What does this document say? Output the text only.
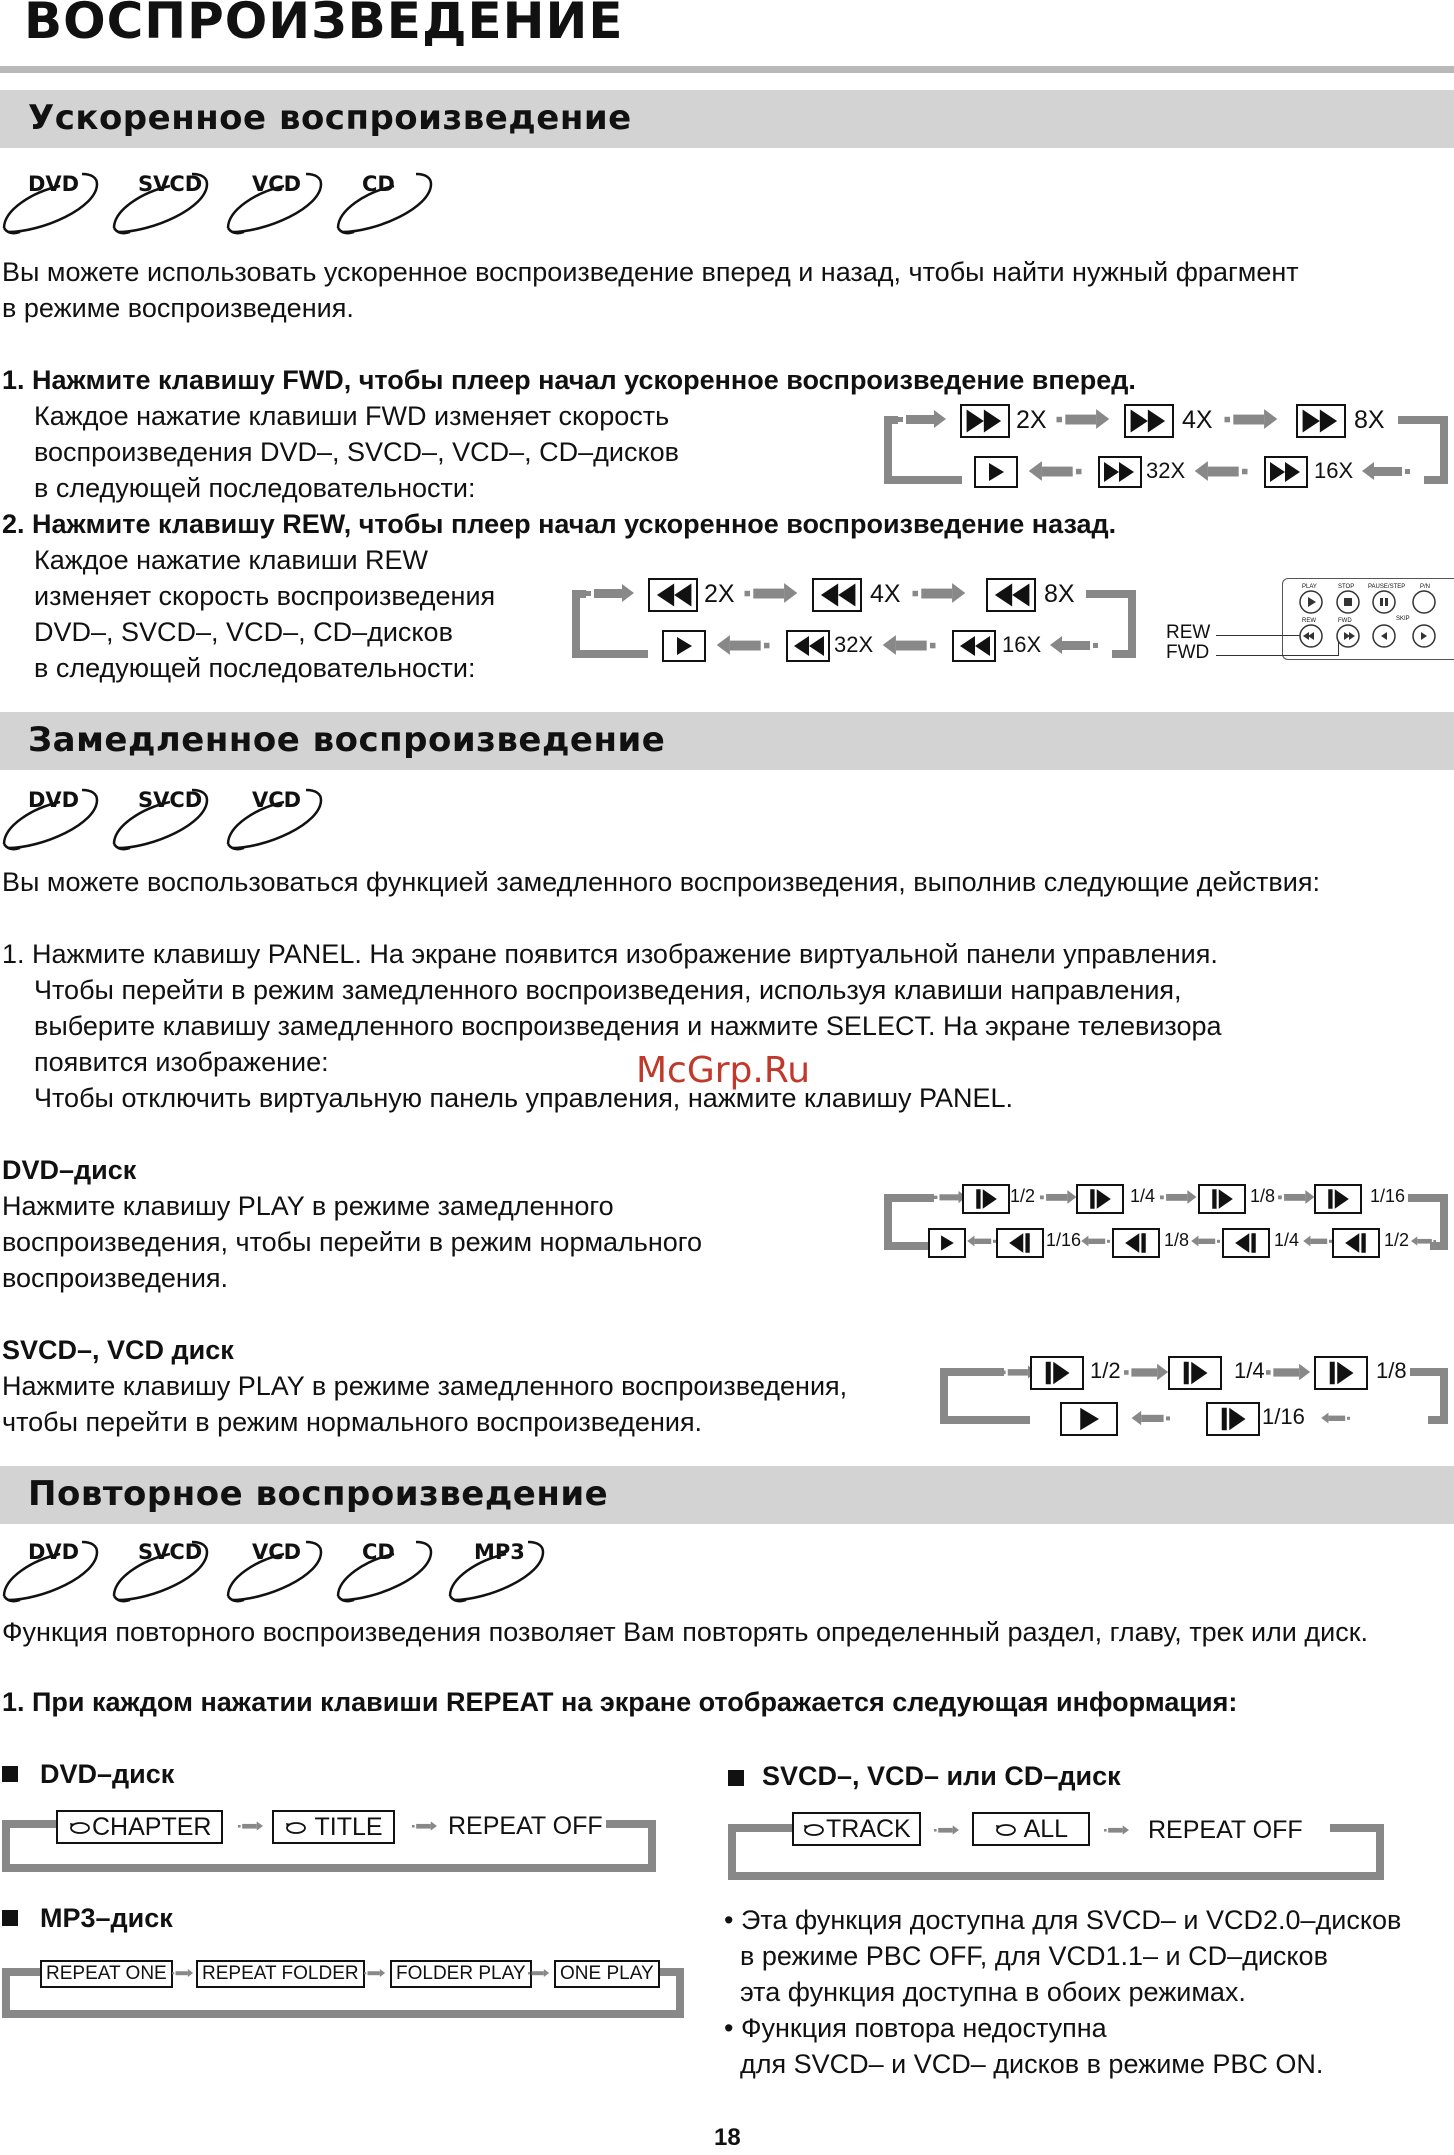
ВОСПРОИЗВЕДЕНИЕ
Ускоренное воспроизведение
DVD	SVCD VCD	CD
Вы можете использовать ускоренное воспроизведение вперед и назад, чтобы найти нужный фрагмент
в режиме воспроизведения.
1. Нажмите клавишу FWD, чтобы плеер начал ускоренное воспроизведение вперед.
Каждое нажатие клавиши FWD изменяет скорость
воспроизведения DVD–, SVCD–, VCD–, CD–дисков
в следующей последовательности:
2X	4X	8X
32X	16X
2. Нажмите клавишу REW, чтобы плеер начал ускоренное воспроизведение назад.
Каждое нажатие клавиши REW
изменяет скорость воспроизведения
DVD–, SVCD–, VCD–, CD–дисков
в следующей последовательности:
2X	4X	8X
32X	16X
PLAY	STOP PAUSE/STEP P/N
REW	FWD	SKIP
REW
FWD
Замедленное воспроизведение
DVD	SVCD VCD
Вы можете воспользоваться функцией замедленного воспроизведения, выполнив следующие действия:
1. Нажмите клавишу PANEL. На экране появится изображение виртуальной панели управления.
Чтобы перейти в режим замедленного воспроизведения, используя клавиши направления,
выберите клавишу замедленного воспроизведения и нажмите SELECT. На экране телевизора
появится изображение:
Чтобы отключить виртуальную панель управления, нажмите клавишу PANEL.
McGrp.Ru
DVD–диск
Нажмите клавишу PLAY в режиме замедленного
воспроизведения, чтобы перейти в режим нормального
воспроизведения.
1/2	1/4	1/8	1/16
1/16	1/8	1/4	1/2
SVCD–, VCD диск
Нажмите клавишу PLAY в режиме замедленного воспроизведения,
чтобы перейти в режим нормального воспроизведения.
1/2	1/4	1/8
1/16
Повторное воспроизведение
DVD	SVCD VCD	CD	MP3
Функция повторного воспроизведения позволяет Вам повторять определенный раздел, главу, трек или диск.
1. При каждом нажатии клавиши REPEAT на экране отображается следующая информация:
DVD–диск
CHAPTER	TITLE	REPEAT OFF
MP3–диск
REPEAT ONE	REPEAT FOLDER	FOLDER PLAY	ONE PLAY
SVCD–, VCD– или CD–диск
TRACK	ALL	REPEAT OFF
• Эта функция доступна для SVCD– и VCD2.0–дисков
в режиме PBC OFF, для VCD1.1– и CD–дисков
эта функция доступна в обоих режимах.
• Функция повтора недоступна
для SVCD– и VCD– дисков в режиме PBC ON.
18
